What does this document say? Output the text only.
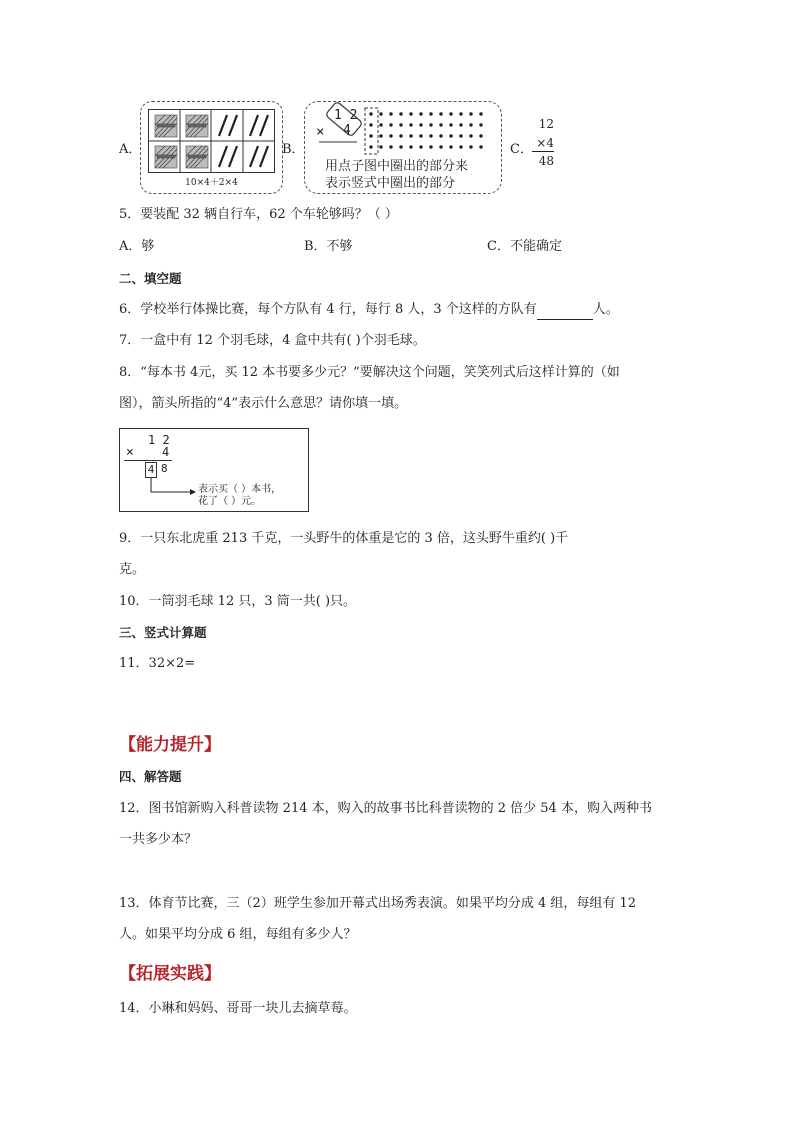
A．
10×4＋2×4
B．
1 2
× 4
用点子图中圈出的部分来
表示竖式中圈出的部分
C．
12
×4
48
5．要装配 32 辆自行车，62 个车轮够吗？（ ）
A．够	B．不够	C．不能确定
二、填空题
6．学校举行体操比赛，每个方队有 4 行，每行 8 人，3 个这样的方队有	人。
7．一盒中有 12 个羽毛球，4 盒中共有( )个羽毛球。
8．“每本书 4元，买 12 本书要多少元？”要解决这个问题，笑笑列式后这样计算的（如
图），箭头所指的“4”表示什么意思？请你填一填。
1 2
× 4
4 8
表示买（ ）本书，
花了（ ）元。
9．一只东北虎重 213 千克，一头野牛的体重是它的 3 倍，这头野牛重约( )千
克。
10．一筒羽毛球 12 只，3 筒一共( )只。
三、竖式计算题
11．32×2=
【能力提升】
四、解答题
12．图书馆新购入科普读物 214 本，购入的故事书比科普读物的 2 倍少 54 本，购入两种书
一共多少本？
13．体育节比赛，三（2）班学生参加开幕式出场秀表演。如果平均分成 4 组，每组有 12
人。如果平均分成 6 组，每组有多少人？
【拓展实践】
14．小琳和妈妈、哥哥一块儿去摘草莓。
